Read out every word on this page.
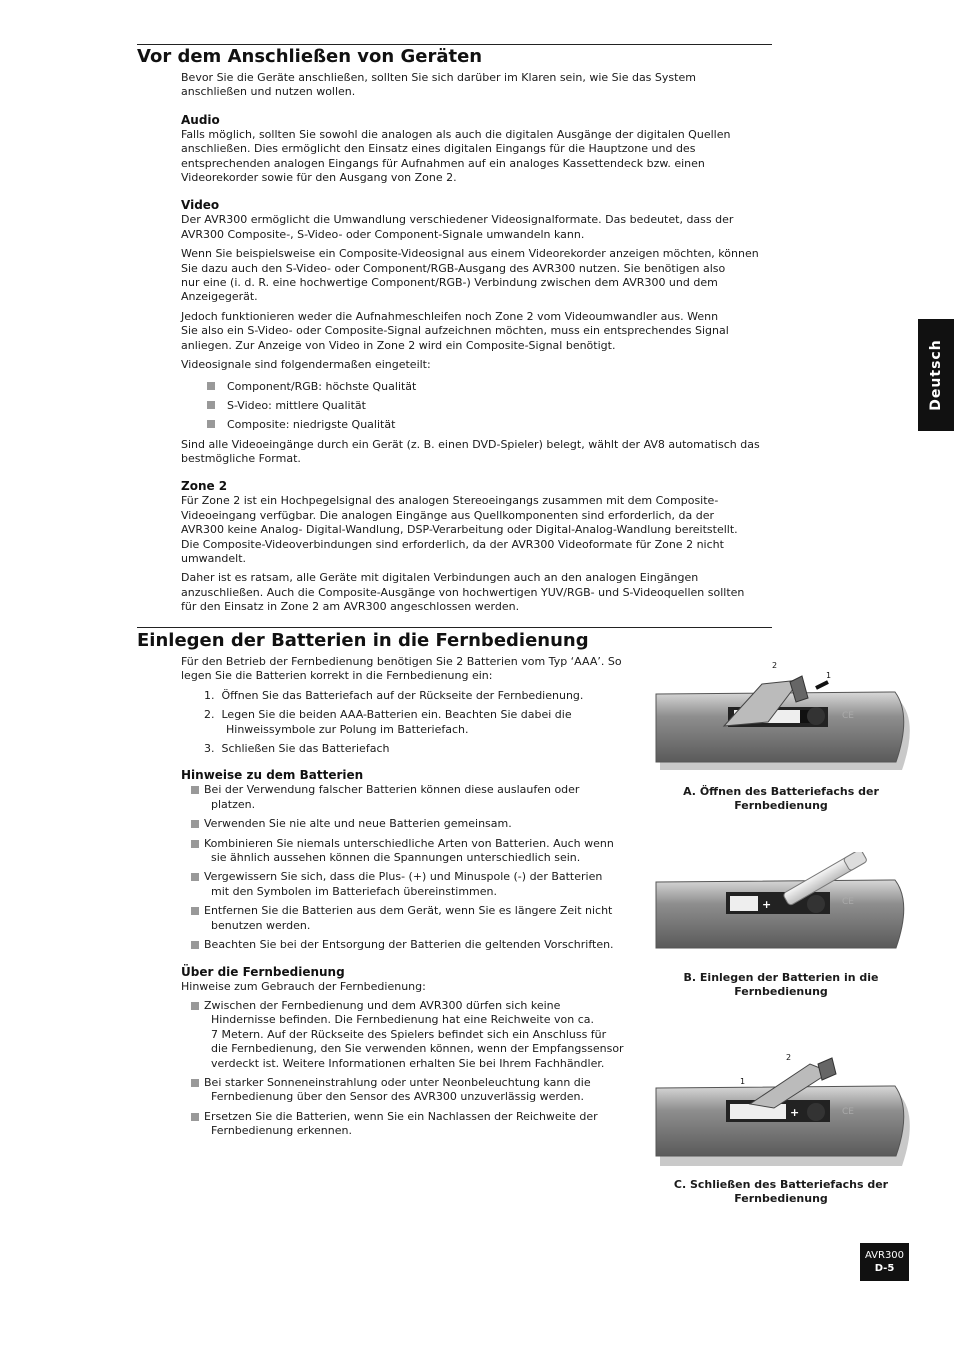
Vor dem Anschließen von Geräten

Bevor Sie die Geräte anschließen, sollten Sie sich darüber im Klaren sein, wie Sie das System
anschließen und nutzen wollen.

Audio

Falls möglich, sollten Sie sowohl die analogen als auch die digitalen Ausgänge der digitalen Quellen
anschließen. Dies ermöglicht den Einsatz eines digitalen Eingangs für die Hauptzone und des
entsprechenden analogen Eingangs für Aufnahmen auf ein analoges Kassettendeck bzw. einen
Videorekorder sowie für den Ausgang von Zone 2.

Video

Der AVR300 ermöglicht die Umwandlung verschiedener Videosignalformate. Das bedeutet, dass der
AVR300 Composite-, S-Video- oder Component-Signale umwandeln kann.

Wenn Sie beispielsweise ein Composite-Videosignal aus einem Videorekorder anzeigen möchten, können
Sie dazu auch den S-Video- oder Component/RGB-Ausgang des AVR300 nutzen. Sie benötigen also
nur eine (i. d. R. eine hochwertige Component/RGB-) Verbindung zwischen dem AVR300 und dem
Anzeigegerät.

Jedoch funktionieren weder die Aufnahmeschleifen noch Zone 2 vom Videoumwandler aus. Wenn
Sie also ein S-Video- oder Composite-Signal aufzeichnen möchten, muss ein entsprechendes Signal
anliegen. Zur Anzeige von Video in Zone 2 wird ein Composite-Signal benötigt.

Videosignale sind folgendermaßen eingeteilt:

Component/RGB: höchste Qualität
S-Video: mittlere Qualität
Composite: niedrigste Qualität

Sind alle Videoeingänge durch ein Gerät (z. B. einen DVD-Spieler) belegt, wählt der AV8 automatisch das
bestmögliche Format.

Zone 2

Für Zone 2 ist ein Hochpegelsignal des analogen Stereoeingangs zusammen mit dem Composite-
Videoeingang verfügbar. Die analogen Eingänge aus Quellkomponenten sind erforderlich, da der
AVR300 keine Analog- Digital-Wandlung, DSP-Verarbeitung oder Digital-Analog-Wandlung bereitstellt.
Die Composite-Videoverbindungen sind erforderlich, da der AVR300 Videoformate für Zone 2 nicht
umwandelt.

Daher ist es ratsam, alle Geräte mit digitalen Verbindungen auch an den analogen Eingängen
anzuschließen. Auch die Composite-Ausgänge von hochwertigen YUV/RGB- und S-Videoquellen sollten
für den Einsatz in Zone 2 am AVR300 angeschlossen werden.

Einlegen der Batterien in die Fernbedienung

Für den Betrieb der Fernbedienung benötigen Sie 2 Batterien vom Typ ‘AAA’. So
legen Sie die Batterien korrekt in die Fernbedienung ein:

1. Öffnen Sie das Batteriefach auf der Rückseite der Fernbedienung.
2. Legen Sie die beiden AAA-Batterien ein. Beachten Sie dabei die
Hinweissymbole zur Polung im Batteriefach.
3. Schließen Sie das Batteriefach
Hinweise zu dem Batterien
Bei der Verwendung falscher Batterien können diese auslaufen oder
platzen.
Verwenden Sie nie alte und neue Batterien gemeinsam.
Kombinieren Sie niemals unterschiedliche Arten von Batterien. Auch wenn
sie ähnlich aussehen können die Spannungen unterschiedlich sein.
Vergewissern Sie sich, dass die Plus- (+) und Minuspole (-) der Batterien
mit den Symbolen im Batteriefach übereinstimmen.
Entfernen Sie die Batterien aus dem Gerät, wenn Sie es längere Zeit nicht
benutzen werden.
Beachten Sie bei der Entsorgung der Batterien die geltenden Vorschriften.
Über die Fernbedienung

Hinweise zum Gebrauch der Fernbedienung:

Zwischen der Fernbedienung und dem AVR300 dürfen sich keine
Hindernisse befinden. Die Fernbedienung hat eine Reichweite von ca.
7 Metern. Auf der Rückseite des Spielers befindet sich ein Anschluss für
die Fernbedienung, den Sie verwenden können, wenn der Empfangssensor
verdeckt ist. Weitere Informationen erhalten Sie bei Ihrem Fachhändler.
Bei starker Sonneneinstrahlung oder unter Neonbeleuchtung kann die
Fernbedienung über den Sensor des AVR300 unzuverlässig werden.
Ersetzen Sie die Batterien, wenn Sie ein Nachlassen der Reichweite der
Fernbedienung erkennen.
1
2
CE
A. Öffnen des Batteriefachs der
Fernbedienung
+	CE
B. Einlegen der Batterien in die
Fernbedienung
+
1
2
CE
C. Schließen des Batteriefachs der
Fernbedienung
Deutsch
AVR300
D-5
